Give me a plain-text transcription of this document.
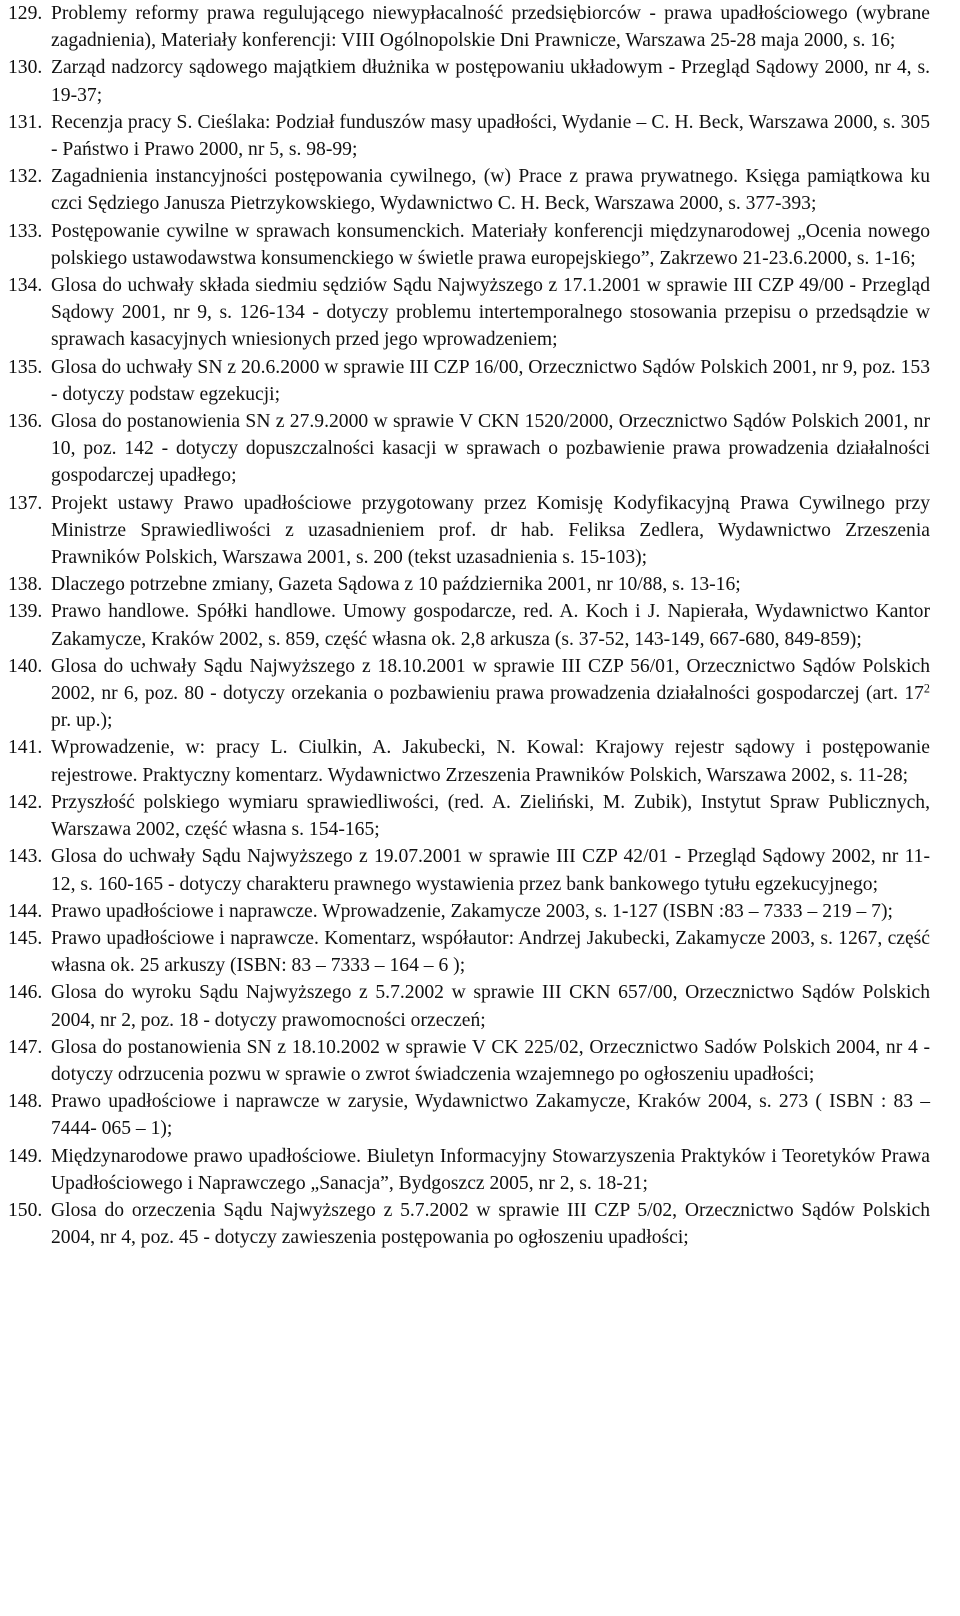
129. Problemy reformy prawa regulującego niewypłacalność przedsiębiorców - prawa upadłościowego (wybrane zagadnienia), Materiały konferencji: VIII Ogólnopolskie Dni Prawnicze, Warszawa 25-28 maja 2000, s. 16;
130. Zarząd nadzorcy sądowego majątkiem dłużnika w postępowaniu układowym - Przegląd Sądowy 2000, nr 4, s. 19-37;
131. Recenzja pracy S. Cieślaka: Podział funduszów masy upadłości, Wydanie – C. H. Beck, Warszawa 2000, s. 305 - Państwo i Prawo 2000, nr 5, s. 98-99;
132. Zagadnienia instancyjności postępowania cywilnego, (w) Prace z prawa prywatnego. Księga pamiątkowa ku czci Sędziego Janusza Pietrzykowskiego, Wydawnictwo C. H. Beck, Warszawa 2000, s. 377-393;
133. Postępowanie cywilne w sprawach konsumenckich. Materiały konferencji międzynarodowej „Ocenia nowego polskiego ustawodawstwa konsumenckiego w świetle prawa europejskiego”, Zakrzewo 21-23.6.2000, s. 1-16;
134. Glosa do uchwały składa siedmiu sędziów Sądu Najwyższego z 17.1.2001 w sprawie III CZP 49/00 - Przegląd Sądowy 2001, nr 9, s. 126-134 - dotyczy problemu intertemporalnego stosowania przepisu o przedsądzie w sprawach kasacyjnych wniesionych przed jego wprowadzeniem;
135. Glosa do uchwały SN z 20.6.2000 w sprawie III CZP 16/00, Orzecznictwo Sądów Polskich 2001, nr 9, poz. 153 - dotyczy podstaw egzekucji;
136. Glosa do postanowienia SN z 27.9.2000 w sprawie V CKN 1520/2000, Orzecznictwo Sądów Polskich 2001, nr 10, poz. 142 - dotyczy dopuszczalności kasacji w sprawach o pozbawienie prawa prowadzenia działalności gospodarczej upadłego;
137. Projekt ustawy Prawo upadłościowe przygotowany przez Komisję Kodyfikacyjną Prawa Cywilnego przy Ministrze Sprawiedliwości z uzasadnieniem prof. dr hab. Feliksa Zedlera, Wydawnictwo Zrzeszenia Prawników Polskich, Warszawa 2001, s. 200 (tekst uzasadnienia s. 15-103);
138. Dlaczego potrzebne zmiany, Gazeta Sądowa z 10 października 2001, nr 10/88, s. 13-16;
139. Prawo handlowe. Spółki handlowe. Umowy gospodarcze, red. A. Koch i J. Napierała, Wydawnictwo Kantor Zakamycze, Kraków 2002, s. 859, część własna ok. 2,8 arkusza (s. 37-52, 143-149, 667-680, 849-859);
140. Glosa do uchwały Sądu Najwyższego z 18.10.2001 w sprawie III CZP 56/01, Orzecznictwo Sądów Polskich 2002, nr 6, poz. 80 - dotyczy orzekania o pozbawieniu prawa prowadzenia działalności gospodarczej (art. $17^2$ pr. up.);
141. Wprowadzenie, w: pracy L. Ciulkin, A. Jakubecki, N. Kowal: Krajowy rejestr sądowy i postępowanie rejestrowe. Praktyczny komentarz. Wydawnictwo Zrzeszenia Prawników Polskich, Warszawa 2002, s. 11-28;
142. Przyszłość polskiego wymiaru sprawiedliwości, (red. A. Zieliński, M. Zubik), Instytut Spraw Publicznych, Warszawa 2002, część własna s. 154-165;
143. Glosa do uchwały Sądu Najwyższego z 19.07.2001 w sprawie III CZP 42/01 - Przegląd Sądowy 2002, nr 11-12, s. 160-165 - dotyczy charakteru prawnego wystawienia przez bank bankowego tytułu egzekucyjnego;
144. Prawo upadłościowe i naprawcze. Wprowadzenie, Zakamycze 2003, s. 1-127 (ISBN :83 – 7333 – 219 – 7);
145. Prawo upadłościowe i naprawcze. Komentarz, współautor: Andrzej Jakubecki, Zakamycze 2003, s. 1267, część własna ok. 25 arkuszy (ISBN: 83 – 7333 – 164 – 6 );
146. Glosa do wyroku Sądu Najwyższego z 5.7.2002 w sprawie III CKN 657/00, Orzecznictwo Sądów Polskich 2004, nr 2, poz. 18 - dotyczy prawomocności orzeczeń;
147. Glosa do postanowienia SN z 18.10.2002 w sprawie V CK 225/02, Orzecznictwo Sadów Polskich 2004, nr 4 - dotyczy odrzucenia pozwu w sprawie o zwrot świadczenia wzajemnego po ogłoszeniu upadłości;
148. Prawo upadłościowe i naprawcze w zarysie, Wydawnictwo Zakamycze, Kraków 2004, s. 273 ( ISBN : 83 – 7444- 065 – 1);
149. Międzynarodowe prawo upadłościowe. Biuletyn Informacyjny Stowarzyszenia Praktyków i Teoretyków Prawa Upadłościowego i Naprawczego „Sanacja”, Bydgoszcz 2005, nr 2, s. 18-21;
150. Glosa do orzeczenia Sądu Najwyższego z 5.7.2002 w sprawie III CZP 5/02, Orzecznictwo Sądów Polskich 2004, nr 4, poz. 45 - dotyczy zawieszenia postępowania po ogłoszeniu upadłości;
